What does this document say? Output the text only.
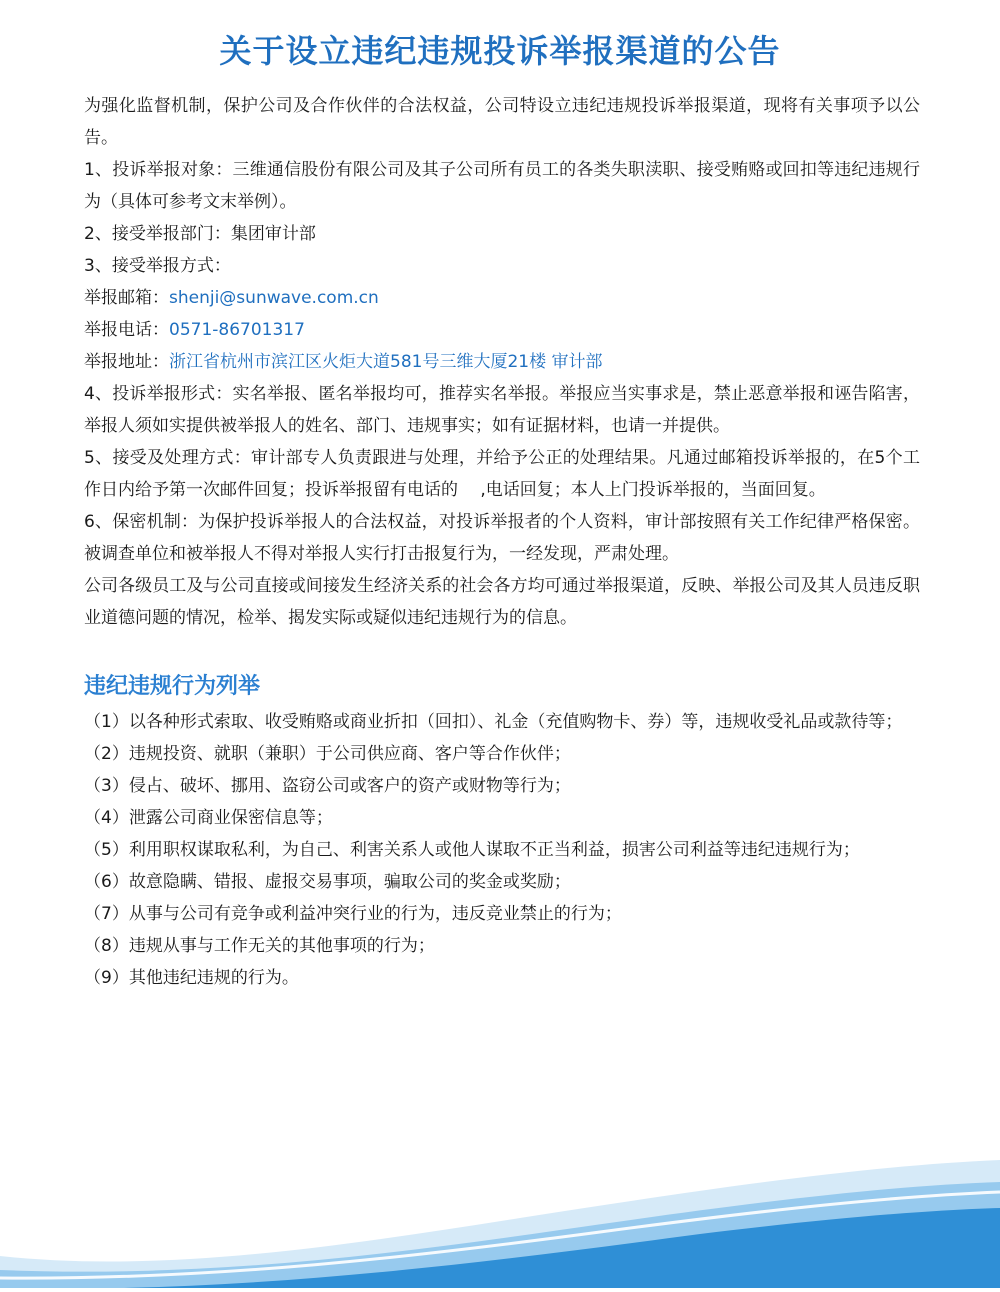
关于设立违纪违规投诉举报渠道的公告

为强化监督机制，保护公司及合作伙伴的合法权益，公司特设立违纪违规投诉举报渠道，现将有关事项予以公告。

1、投诉举报对象：三维通信股份有限公司及其子公司所有员工的各类失职渎职、接受贿赂或回扣等违纪违规行为（具体可参考文末举例）。

2、接受举报部门：集团审计部

3、接受举报方式：

举报邮箱：shenji@sunwave.com.cn

举报电话：0571-86701317

举报地址：浙江省杭州市滨江区火炬大道581号三维大厦21楼 审计部

4、投诉举报形式：实名举报、匿名举报均可，推荐实名举报。举报应当实事求是，禁止恶意举报和诬告陷害，举报人须如实提供被举报人的姓名、部门、违规事实；如有证据材料，也请一并提供。

5、接受及处理方式：审计部专人负责跟进与处理，并给予公正的处理结果。凡通过邮箱投诉举报的，在5个工作日内给予第一次邮件回复；投诉举报留有电话的　 ,电话回复；本人上门投诉举报的，当面回复。

6、保密机制：为保护投诉举报人的合法权益，对投诉举报者的个人资料，审计部按照有关工作纪律严格保密。被调查单位和被举报人不得对举报人实行打击报复行为，一经发现，严肃处理。

公司各级员工及与公司直接或间接发生经济关系的社会各方均可通过举报渠道，反映、举报公司及其人员违反职业道德问题的情况，检举、揭发实际或疑似违纪违规行为的信息。

违纪违规行为列举

（1）以各种形式索取、收受贿赂或商业折扣（回扣）、礼金（充值购物卡、券）等，违规收受礼品或款待等；

（2）违规投资、就职（兼职）于公司供应商、客户等合作伙伴；

（3）侵占、破坏、挪用、盗窃公司或客户的资产或财物等行为；

（4）泄露公司商业保密信息等；

（5）利用职权谋取私利，为自己、利害关系人或他人谋取不正当利益，损害公司利益等违纪违规行为；

（6）故意隐瞒、错报、虚报交易事项，骗取公司的奖金或奖励；

（7）从事与公司有竞争或利益冲突行业的行为，违反竞业禁止的行为；

（8）违规从事与工作无关的其他事项的行为；

（9）其他违纪违规的行为。
